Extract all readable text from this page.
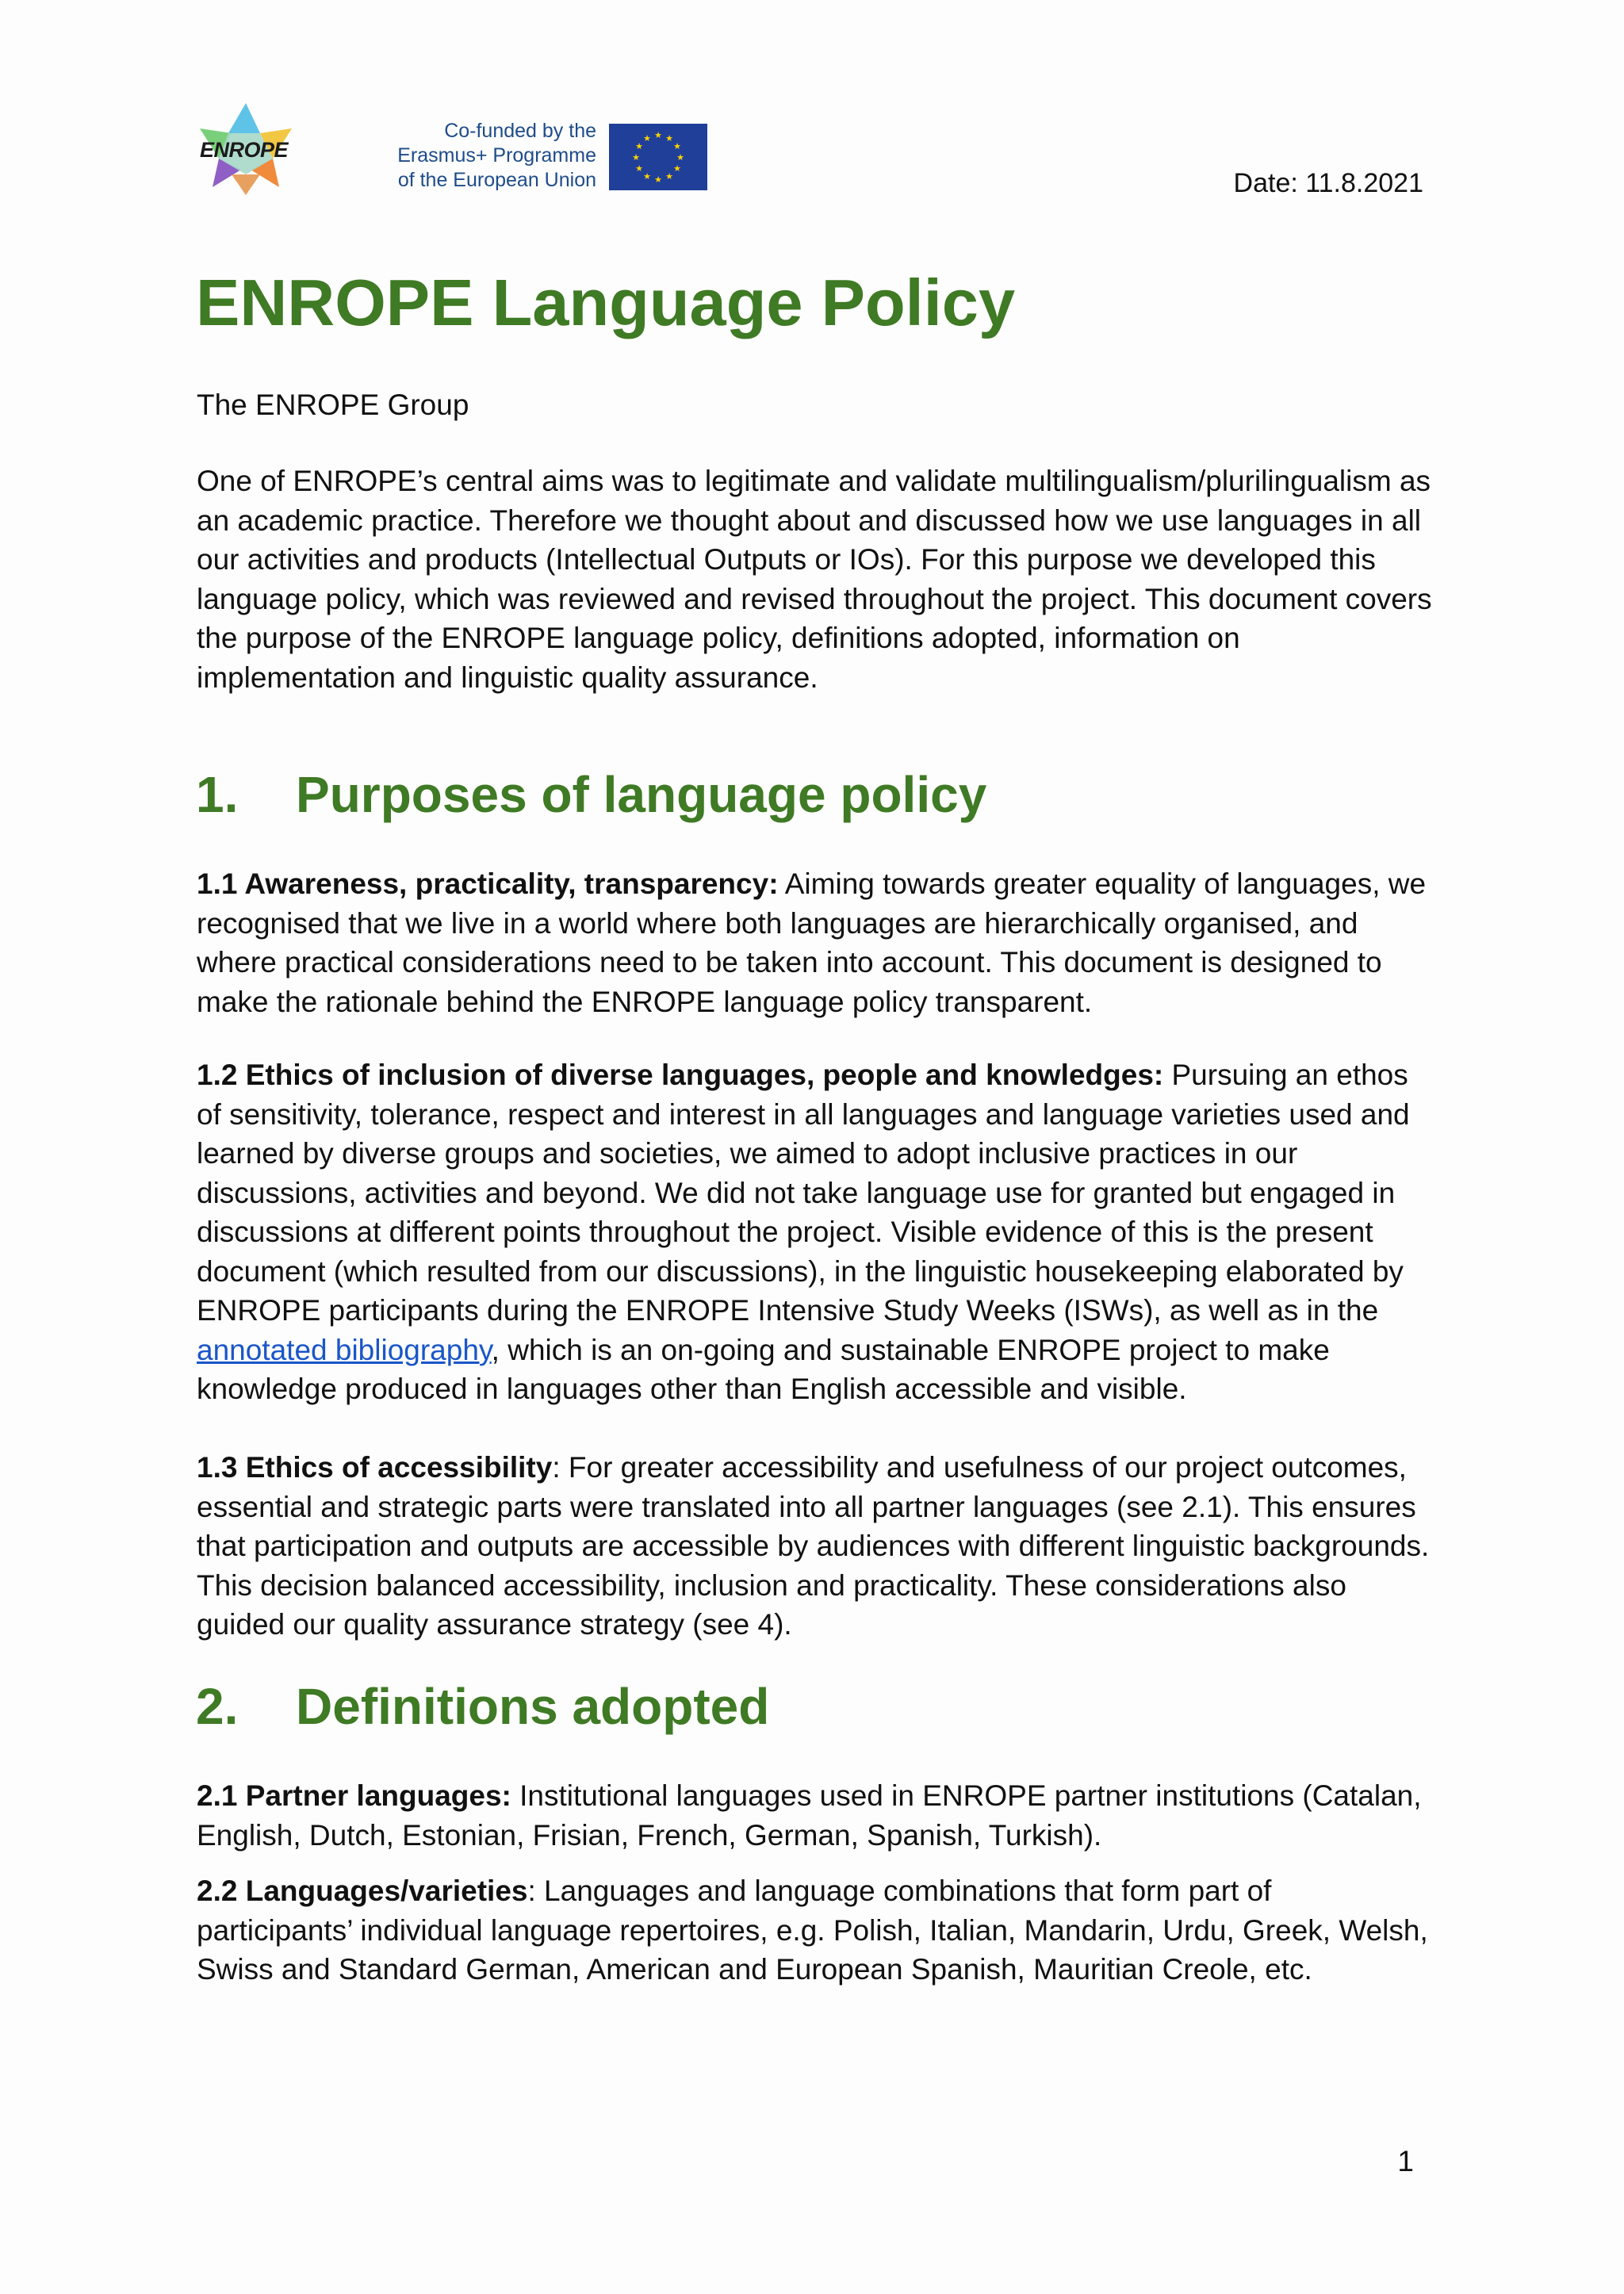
ENROPE
Co-funded by the
Erasmus+ Programme
of the European Union
★ ★
★
★
★
★
★
★
★
★
★
★
Date: 11.8.2021
ENROPE Language Policy
The ENROPE Group

One of ENROPE’s central aims was to legitimate and validate multilingualism/plurilingualism as an academic practice. Therefore we thought about and discussed how we use languages in all our activities and products (Intellectual Outputs or IOs). For this purpose we developed this language policy, which was reviewed and revised throughout the project. This document covers the purpose of the ENROPE language policy, definitions adopted, information on implementation and linguistic quality assurance.

1. Purposes of language policy

1.1 Awareness, practicality, transparency: Aiming towards greater equality of languages, we recognised that we live in a world where both languages are hierarchically organised, and where practical considerations need to be taken into account. This document is designed to make the rationale behind the ENROPE language policy transparent.

1.2 Ethics of inclusion of diverse languages, people and knowledges: Pursuing an ethos of sensitivity, tolerance, respect and interest in all languages and language varieties used and learned by diverse groups and societies, we aimed to adopt inclusive practices in our discussions, activities and beyond. We did not take language use for granted but engaged in discussions at different points throughout the project. Visible evidence of this is the present document (which resulted from our discussions), in the linguistic housekeeping elaborated by ENROPE participants during the ENROPE Intensive Study Weeks (ISWs), as well as in the annotated bibliography, which is an on-going and sustainable ENROPE project to make knowledge produced in languages other than English accessible and visible.

1.3 Ethics of accessibility: For greater accessibility and usefulness of our project outcomes, essential and strategic parts were translated into all partner languages (see 2.1). This ensures that participation and outputs are accessible by audiences with different linguistic backgrounds. This decision balanced accessibility, inclusion and practicality. These considerations also guided our quality assurance strategy (see 4).

2. Definitions adopted

2.1 Partner languages: Institutional languages used in ENROPE partner institutions (Catalan, English, Dutch, Estonian, Frisian, French, German, Spanish, Turkish).

2.2 Languages/varieties: Languages and language combinations that form part of participants’ individual language repertoires, e.g. Polish, Italian, Mandarin, Urdu, Greek, Welsh, Swiss and Standard German, American and European Spanish, Mauritian Creole, etc.

1
